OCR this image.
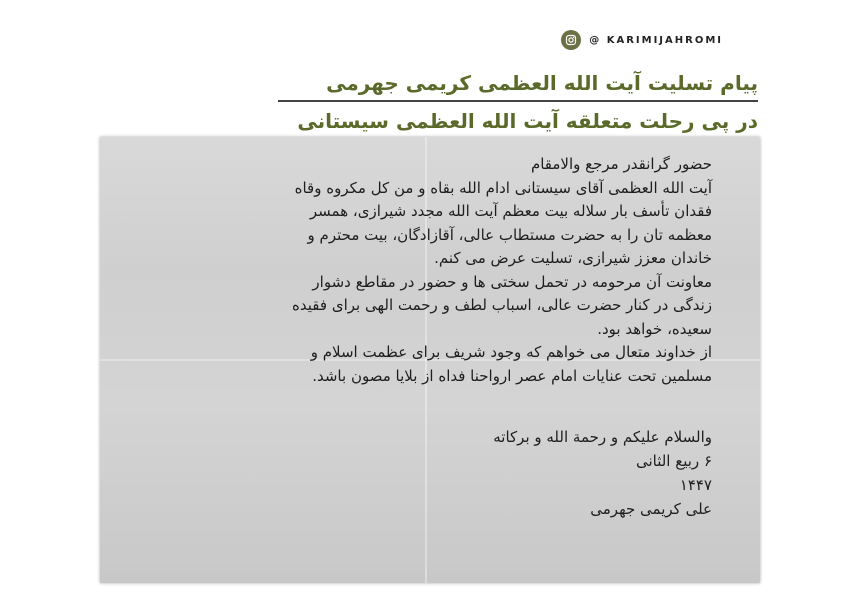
@ KARIMIJAHROMI
پیام تسلیت آیت الله العظمی کریمی جهرمی
در پی رحلت متعلقه آیت الله العظمی سیستانی
حضور گرانقدر مرجع والامقام
آیت الله العظمی آقای سیستانی ادام الله بقاه و من کل مکروه وقاه
فقدان تأسف بار سلاله بیت معظم آیت الله مجدد شیرازی، همسر
معظمه تان را به حضرت مستطاب عالی، آقازادگان، بیت محترم و
خاندان معزز شیرازی، تسلیت عرض می کنم.
معاونت آن مرحومه در تحمل سختی ها و حضور در مقاطع دشوار
زندگی در کنار حضرت عالی، اسباب لطف و رحمت الهی برای فقیده
سعیده، خواهد بود.
از خداوند متعال می خواهم که وجود شریف برای عظمت اسلام و
مسلمین تحت عنایات امام عصر ارواحنا فداه از بلایا مصون باشد.
والسلام علیکم و رحمة الله و برکاته
۶ ربیع الثانی
۱۴۴۷
علی کریمی جهرمی
